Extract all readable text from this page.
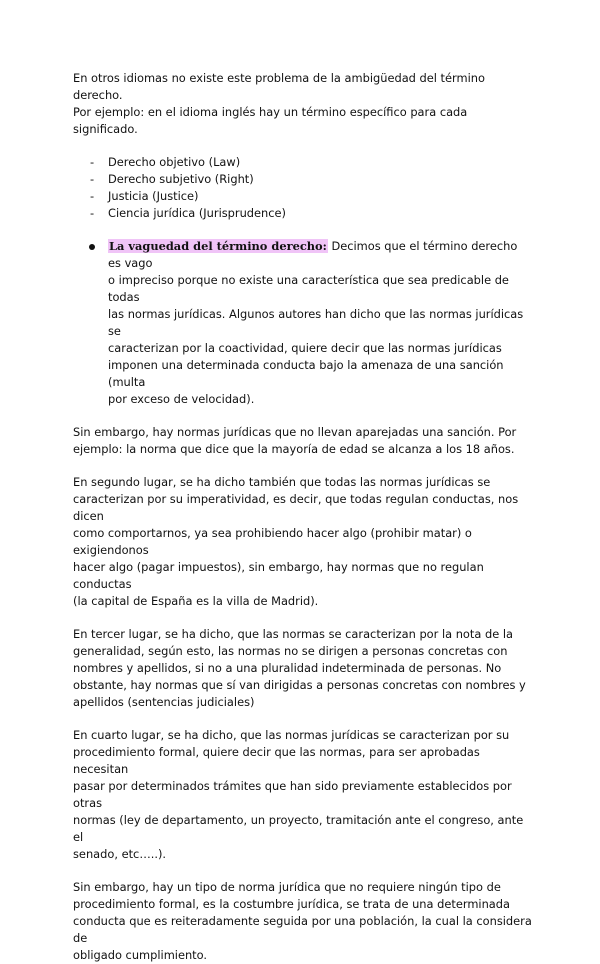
En otros idiomas no existe este problema de la ambigüedad del término derecho.
Por ejemplo: en el idioma inglés hay un término específico para cada significado.

- Derecho objetivo (Law)
- Derecho subjetivo (Right)
- Justicia (Justice)
- Ciencia jurídica (Jurisprudence)
La vaguedad del término derecho: Decimos que el término derecho es vago
o impreciso porque no existe una característica que sea predicable de todas
las normas jurídicas. Algunos autores han dicho que las normas jurídicas se
caracterizan por la coactividad, quiere decir que las normas jurídicas
imponen una determinada conducta bajo la amenaza de una sanción (multa
por exceso de velocidad).

Sin embargo, hay normas jurídicas que no llevan aparejadas una sanción. Por
ejemplo: la norma que dice que la mayoría de edad se alcanza a los 18 años.

En segundo lugar, se ha dicho también que todas las normas jurídicas se
caracterizan por su imperatividad, es decir, que todas regulan conductas, nos dicen
como comportarnos, ya sea prohibiendo hacer algo (prohibir matar) o exigiendonos
hacer algo (pagar impuestos), sin embargo, hay normas que no regulan conductas
(la capital de España es la villa de Madrid).

En tercer lugar, se ha dicho, que las normas se caracterizan por la nota de la
generalidad, según esto, las normas no se dirigen a personas concretas con
nombres y apellidos, si no a una pluralidad indeterminada de personas. No
obstante, hay normas que sí van dirigidas a personas concretas con nombres y
apellidos (sentencias judiciales)

En cuarto lugar, se ha dicho, que las normas jurídicas se caracterizan por su
procedimiento formal, quiere decir que las normas, para ser aprobadas necesitan
pasar por determinados trámites que han sido previamente establecidos por otras
normas (ley de departamento, un proyecto, tramitación ante el congreso, ante el
senado, etc…..).

Sin embargo, hay un tipo de norma jurídica que no requiere ningún tipo de
procedimiento formal, es la costumbre jurídica, se trata de una determinada
conducta que es reiteradamente seguida por una población, la cual la considera de
obligado cumplimiento.
